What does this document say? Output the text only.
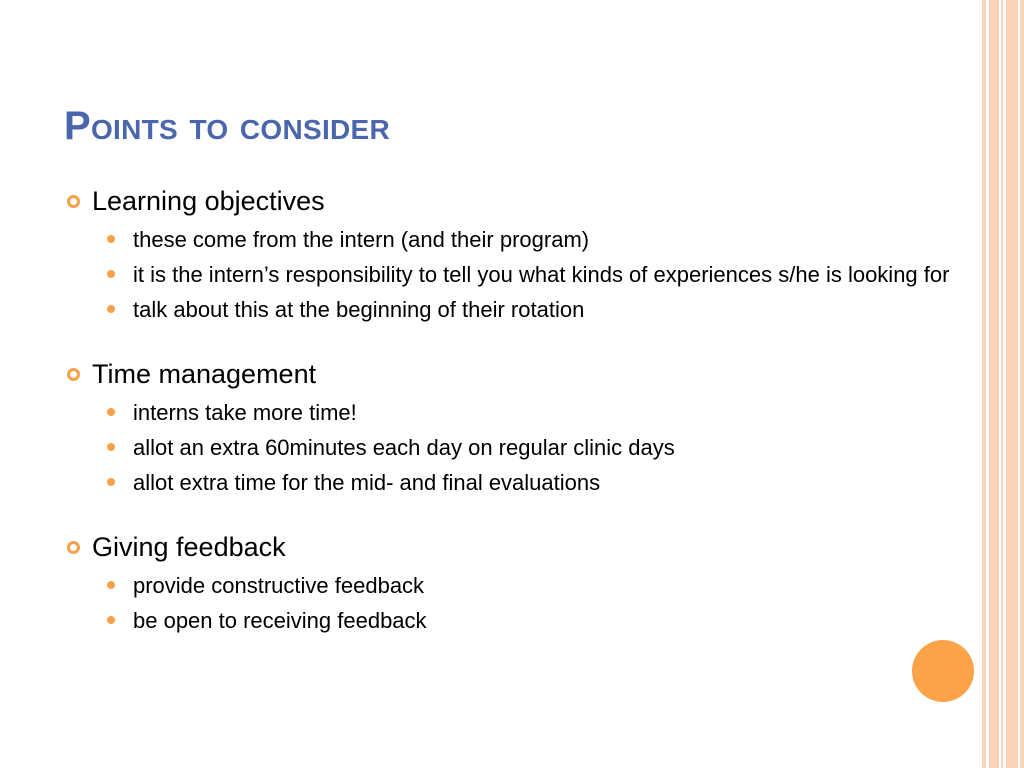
Points to consider
Learning objectives
these come from the intern (and their program)
it is the intern’s responsibility to tell you what kinds of experiences s/he is looking for
talk about this at the beginning of their rotation
Time management
interns take more time!
allot an extra 60minutes each day on regular clinic days
allot extra time for the mid- and final evaluations
Giving feedback
provide constructive feedback
be open to receiving feedback
